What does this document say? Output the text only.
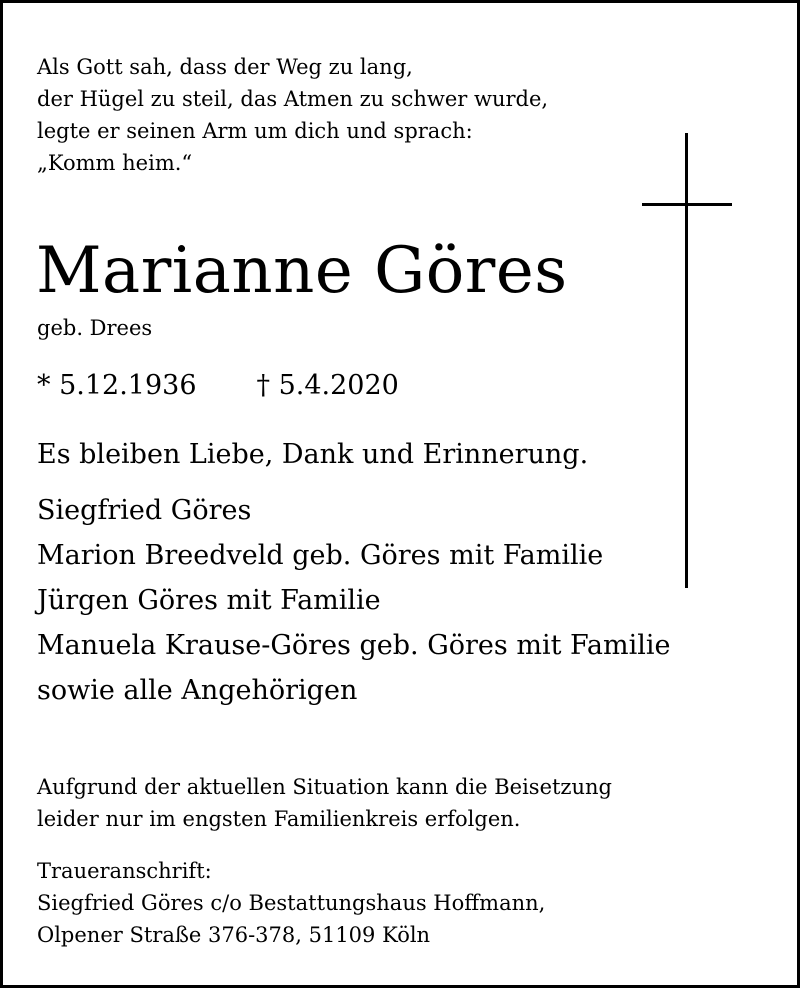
Als Gott sah, dass der Weg zu lang,
der Hügel zu steil, das Atmen zu schwer wurde,
legte er seinen Arm um dich und sprach:
„Komm heim.“
Marianne Göres
geb. Drees
* 5.12.1936 † 5.4.2020
Es bleiben Liebe, Dank und Erinnerung.
Siegfried Göres
Marion Breedveld geb. Göres mit Familie
Jürgen Göres mit Familie
Manuela Krause-Göres geb. Göres mit Familie
sowie alle Angehörigen
Aufgrund der aktuellen Situation kann die Beisetzung
leider nur im engsten Familienkreis erfolgen.
Traueranschrift:
Siegfried Göres c/o Bestattungshaus Hoffmann,
Olpener Straße 376-378, 51109 Köln
